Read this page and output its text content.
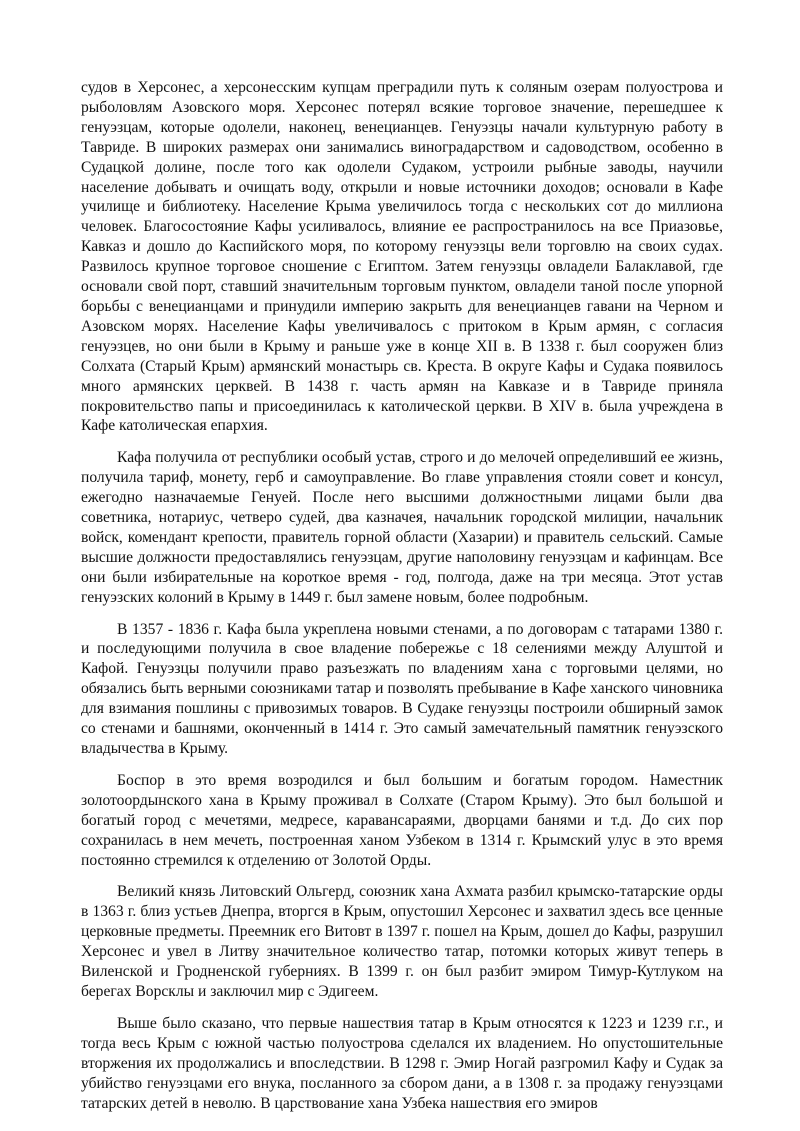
судов в Херсонес, а херсонесским купцам преградили путь к соляным озерам полуострова и рыболовлям Азовского моря. Херсонес потерял всякие торговое значение, перешедшее к генуэзцам, которые одолели, наконец, венецианцев. Генуэзцы начали культурную работу в Тавриде. В широких размерах они занимались виноградарством и садоводством, особенно в Судацкой долине, после того как одолели Судаком, устроили рыбные заводы, научили население добывать и очищать воду, открыли и новые источники доходов; основали в Кафе училище и библиотеку. Население Крыма увеличилось тогда с нескольких сот до миллиона человек. Благосостояние Кафы усиливалось, влияние ее распространилось на все Приазовье, Кавказ и дошло до Каспийского моря, по которому генуэзцы вели торговлю на своих судах. Развилось крупное торговое сношение с Египтом. Затем генуэзцы овладели Балаклавой, где основали свой порт, ставший значительным торговым пунктом, овладели таной после упорной борьбы с венецианцами и принудили империю закрыть для венецианцев гавани на Черном и Азовском морях. Население Кафы увеличивалось с притоком в Крым армян, с согласия генуэзцев, но они были в Крыму и раньше уже в конце XII в. В 1338 г. был сооружен близ Солхата (Старый Крым) армянский монастырь св. Креста. В округе Кафы и Судака появилось много армянских церквей. В 1438 г. часть армян на Кавказе и в Тавриде приняла покровительство папы и присоединилась к католической церкви. В XIV в. была учреждена в Кафе католическая епархия.

Кафа получила от республики особый устав, строго и до мелочей определивший ее жизнь, получила тариф, монету, герб и самоуправление. Во главе управления стояли совет и консул, ежегодно назначаемые Генуей. После него высшими должностными лицами были два советника, нотариус, четверо судей, два казначея, начальник городской милиции, начальник войск, комендант крепости, правитель горной области (Хазарии) и правитель сельский. Самые высшие должности предоставлялись генуэзцам, другие наполовину генуэзцам и кафинцам. Все они были избирательные на короткое время - год, полгода, даже на три месяца. Этот устав генуэзских колоний в Крыму в 1449 г. был замене новым, более подробным.

В 1357 - 1836 г. Кафа была укреплена новыми стенами, а по договорам с татарами 1380 г. и последующими получила в свое владение побережье с 18 селениями между Алуштой и Кафой. Генуэзцы получили право разъезжать по владениям хана с торговыми целями, но обязались быть верными союзниками татар и позволять пребывание в Кафе ханского чиновника для взимания пошлины с привозимых товаров. В Судаке генуэзцы построили обширный замок со стенами и башнями, оконченный в 1414 г. Это самый замечательный памятник генуэзского владычества в Крыму.

Боспор в это время возродился и был большим и богатым городом. Наместник золотоордынского хана в Крыму проживал в Солхате (Старом Крыму). Это был большой и богатый город с мечетями, медресе, каравансараями, дворцами банями и т.д. До сих пор сохранилась в нем мечеть, построенная ханом Узбеком в 1314 г. Крымский улус в это время постоянно стремился к отделению от Золотой Орды.

Великий князь Литовский Ольгерд, союзник хана Ахмата разбил крымско-татарские орды в 1363 г. близ устьев Днепра, вторгся в Крым, опустошил Херсонес и захватил здесь все ценные церковные предметы. Преемник его Витовт в 1397 г. пошел на Крым, дошел до Кафы, разрушил Херсонес и увел в Литву значительное количество татар, потомки которых живут теперь в Виленской и Гродненской губерниях. В 1399 г. он был разбит эмиром Тимур-Кутлуком на берегах Ворсклы и заключил мир с Эдигеем.

Выше было сказано, что первые нашествия татар в Крым относятся к 1223 и 1239 г.г., и тогда весь Крым с южной частью полуострова сделался их владением. Но опустошительные вторжения их продолжались и впоследствии. В 1298 г. Эмир Ногай разгромил Кафу и Судак за убийство генуэзцами его внука, посланного за сбором дани, а в 1308 г. за продажу генуэзцами татарских детей в неволю. В царствование хана Узбека нашествия его эмиров
